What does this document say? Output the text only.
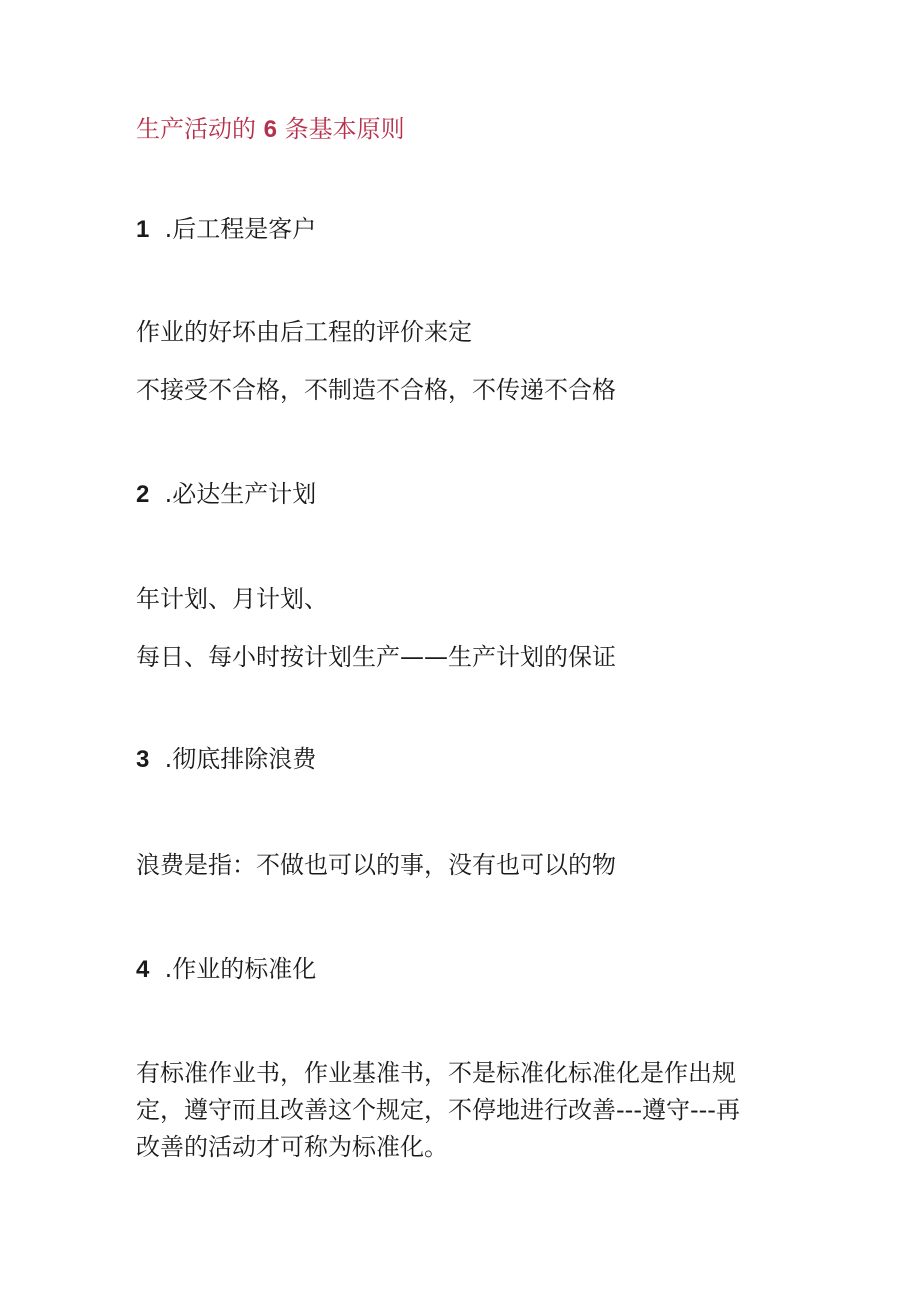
生产活动的 6 条基本原则

1 .后工程是客户

作业的好坏由后工程的评价来定

不接受不合格，不制造不合格，不传递不合格

2 .必达生产计划

年计划、月计划、

每日、每小时按计划生产——生产计划的保证

3 .彻底排除浪费

浪费是指：不做也可以的事，没有也可以的物

4 .作业的标准化

有标准作业书，作业基准书，不是标准化标准化是作出规
定，遵守而且改善这个规定，不停地进行改善---遵守---再
改善的活动才可称为标准化。
